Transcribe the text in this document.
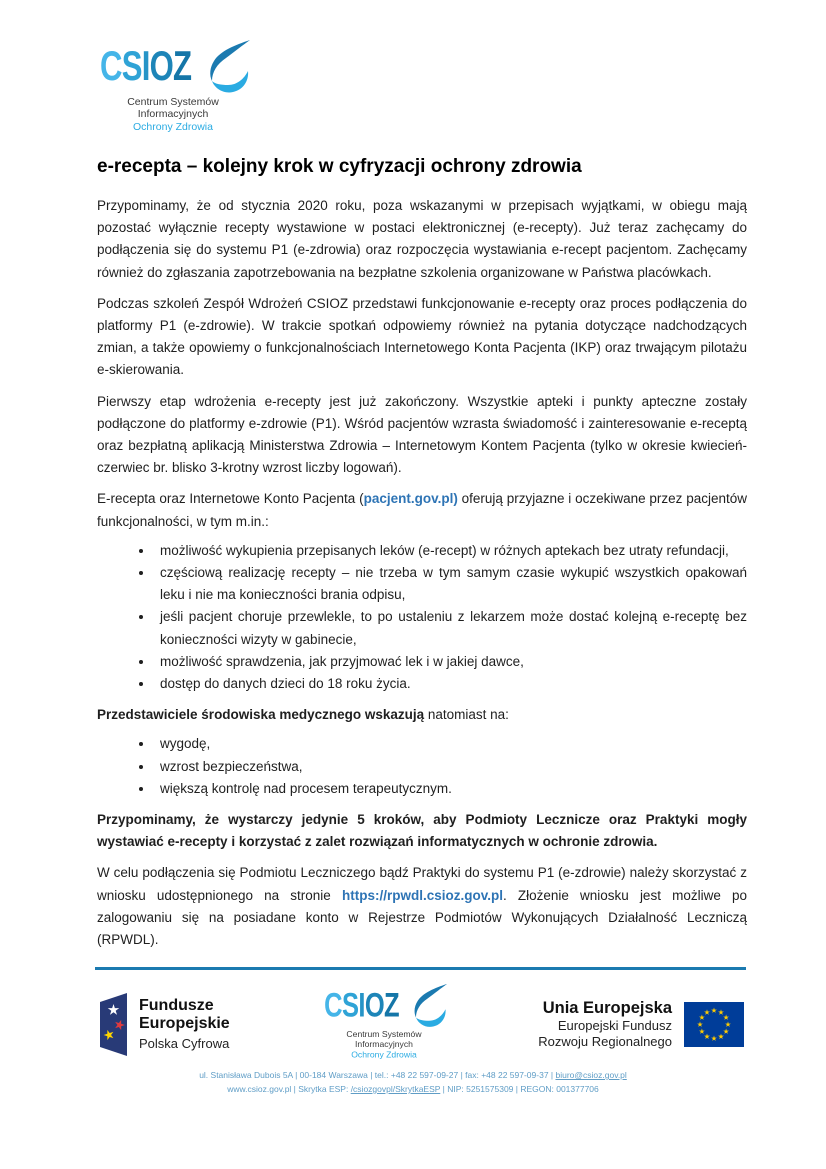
CSIOZ
Centrum Systemów Informacyjnych
Ochrony Zdrowia
e-recepta – kolejny krok w cyfryzacji ochrony zdrowia

Przypominamy, że od stycznia 2020 roku, poza wskazanymi w przepisach wyjątkami, w obiegu mają pozostać wyłącznie recepty wystawione w postaci elektronicznej (e-recepty). Już teraz zachęcamy do podłączenia się do systemu P1 (e-zdrowia) oraz rozpoczęcia wystawiania e-recept pacjentom. Zachęcamy również do zgłaszania zapotrzebowania na bezpłatne szkolenia organizowane w Państwa placówkach.

Podczas szkoleń Zespół Wdrożeń CSIOZ przedstawi funkcjonowanie e-recepty oraz proces podłączenia do platformy P1 (e-zdrowie). W trakcie spotkań odpowiemy również na pytania dotyczące nadchodzących zmian, a także opowiemy o funkcjonalnościach Internetowego Konta Pacjenta (IKP) oraz trwającym pilotażu e-skierowania.

Pierwszy etap wdrożenia e-recepty jest już zakończony. Wszystkie apteki i punkty apteczne zostały podłączone do platformy e-zdrowie (P1). Wśród pacjentów wzrasta świadomość i zainteresowanie e-receptą oraz bezpłatną aplikacją Ministerstwa Zdrowia – Internetowym Kontem Pacjenta (tylko w okresie kwiecień-czerwiec br. blisko 3-krotny wzrost liczby logowań).

E-recepta oraz Internetowe Konto Pacjenta (pacjent.gov.pl) oferują przyjazne i oczekiwane przez pacjentów funkcjonalności, w tym m.in.:

• możliwość wykupienia przepisanych leków (e-recept) w różnych aptekach bez utraty refundacji,
• częściową realizację recepty – nie trzeba w tym samym czasie wykupić wszystkich opakowań leku i nie ma konieczności brania odpisu,
• jeśli pacjent choruje przewlekle, to po ustaleniu z lekarzem może dostać kolejną e-receptę bez konieczności wizyty w gabinecie,
• możliwość sprawdzenia, jak przyjmować lek i w jakiej dawce,
• dostęp do danych dzieci do 18 roku życia.

Przedstawiciele środowiska medycznego wskazują natomiast na:

• wygodę,
• wzrost bezpieczeństwa,
• większą kontrolę nad procesem terapeutycznym.

Przypominamy, że wystarczy jedynie 5 kroków, aby Podmioty Lecznicze oraz Praktyki mogły wystawiać e-recepty i korzystać z zalet rozwiązań informatycznych w ochronie zdrowia.

W celu podłączenia się Podmiotu Leczniczego bądź Praktyki do systemu P1 (e-zdrowie) należy skorzystać z wniosku udostępnionego na stronie https://rpwdl.csioz.gov.pl. Złożenie wniosku jest możliwe po zalogowaniu się na posiadane konto w Rejestrze Podmiotów Wykonujących Działalność Leczniczą (RPWDL).

Fundusze
Europejskie
Polska Cyfrowa
CSIOZ
Centrum Systemów Informacyjnych
Ochrony Zdrowia
Unia Europejska
Europejski Fundusz
Rozwoju Regionalnego
ul. Stanisława Dubois 5A | 00-184 Warszawa | tel.: +48 22 597-09-27 | fax: +48 22 597-09-37 | biuro@csioz.gov.pl
www.csioz.gov.pl | Skrytka ESP: /csiozgovpl/SkrytkaESP | NIP: 5251575309 | REGON: 001377706
